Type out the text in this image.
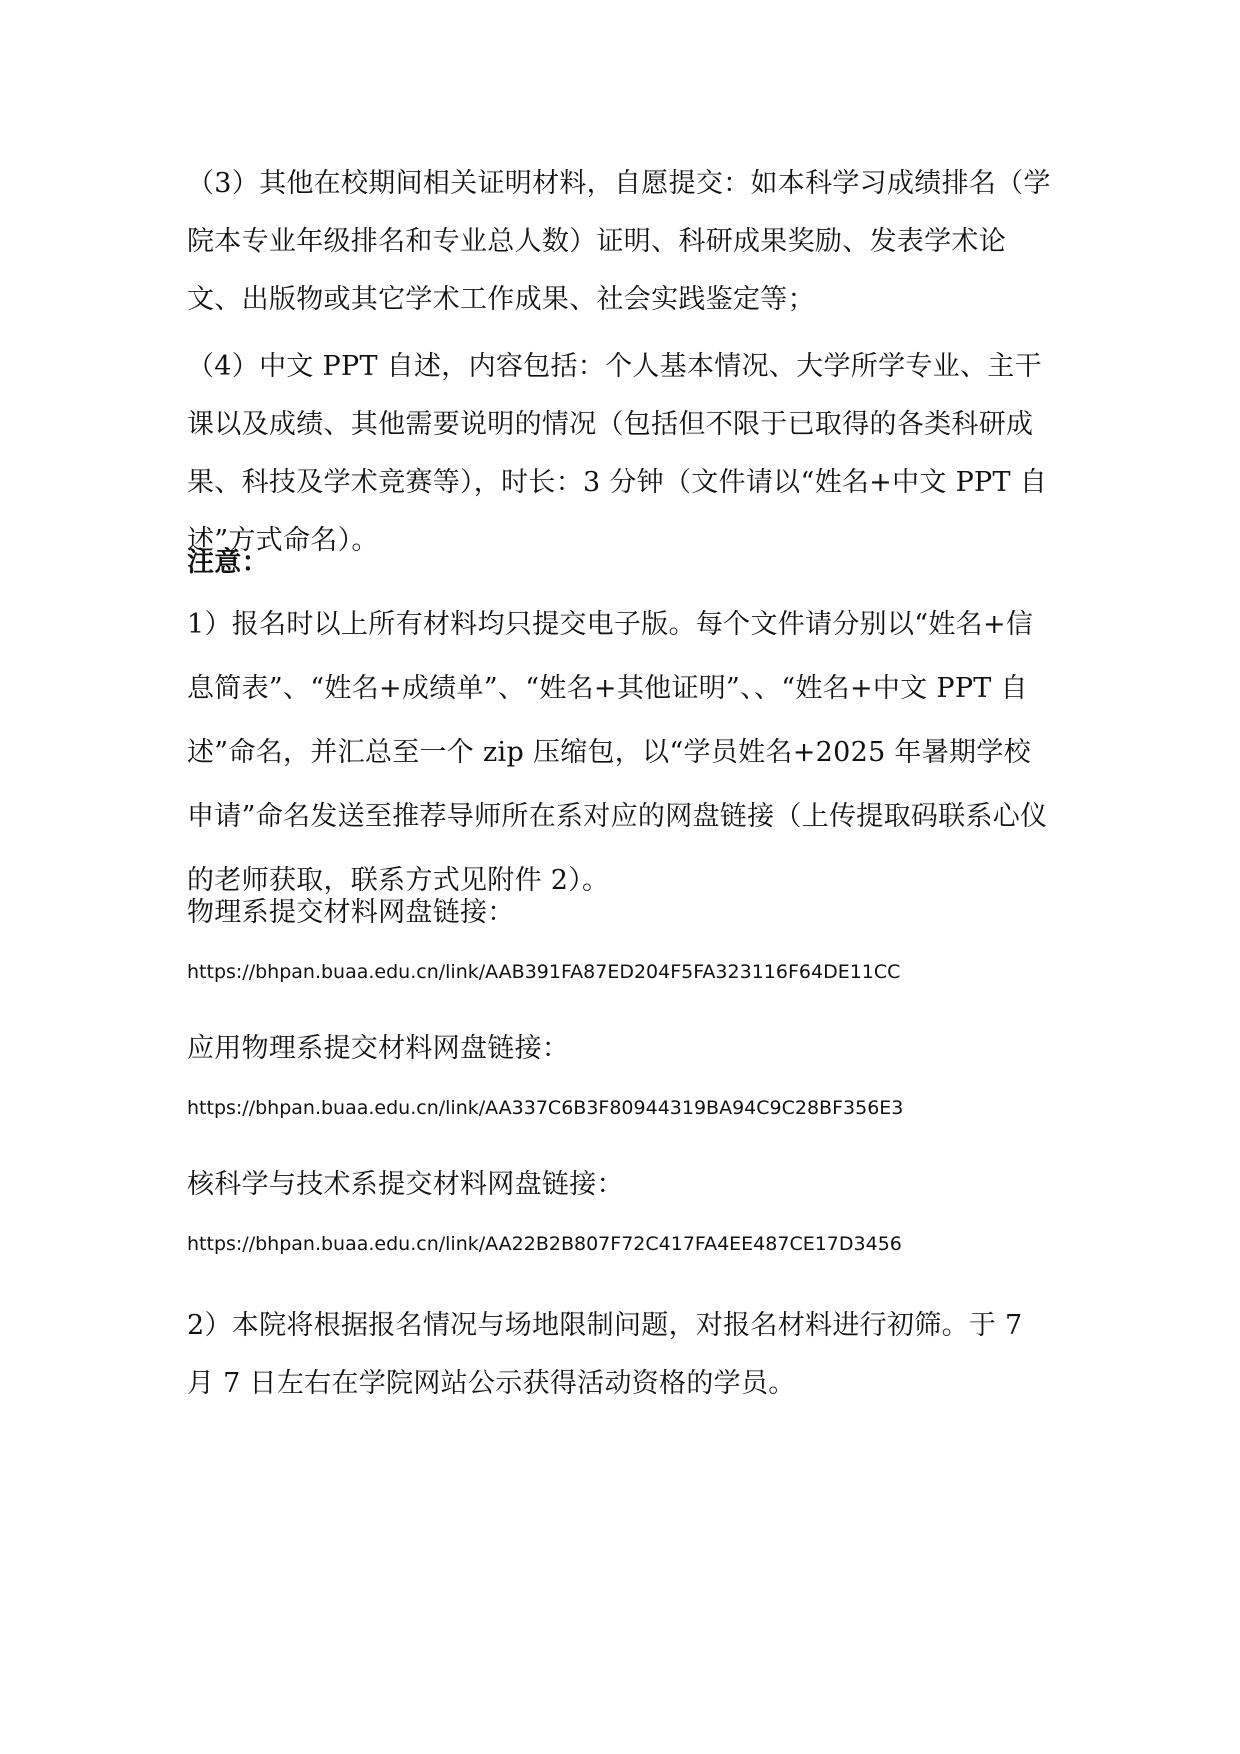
（3）其他在校期间相关证明材料，自愿提交：如本科学习成绩排名（学院本专业年级排名和专业总人数）证明、科研成果奖励、发表学术论文、出版物或其它学术工作成果、社会实践鉴定等；

（4）中文 PPT 自述，内容包括：个人基本情况、大学所学专业、主干课以及成绩、其他需要说明的情况（包括但不限于已取得的各类科研成果、科技及学术竞赛等），时长：3 分钟（文件请以“姓名+中文 PPT 自述”方式命名）。

注意：

1）报名时以上所有材料均只提交电子版。每个文件请分别以“姓名+信息简表”、“姓名+成绩单”、“姓名+其他证明”、、“姓名+中文 PPT 自述”命名，并汇总至一个 zip 压缩包，以“学员姓名+2025 年暑期学校申请”命名发送至推荐导师所在系对应的网盘链接（上传提取码联系心仪的老师获取，联系方式见附件 2）。

物理系提交材料网盘链接：

https://bhpan.buaa.edu.cn/link/AAB391FA87ED204F5FA323116F64DE11CC

应用物理系提交材料网盘链接：

https://bhpan.buaa.edu.cn/link/AA337C6B3F80944319BA94C9C28BF356E3

核科学与技术系提交材料网盘链接：

https://bhpan.buaa.edu.cn/link/AA22B2B807F72C417FA4EE487CE17D3456

2）本院将根据报名情况与场地限制问题，对报名材料进行初筛。于 7 月 7 日左右在学院网站公示获得活动资格的学员。
